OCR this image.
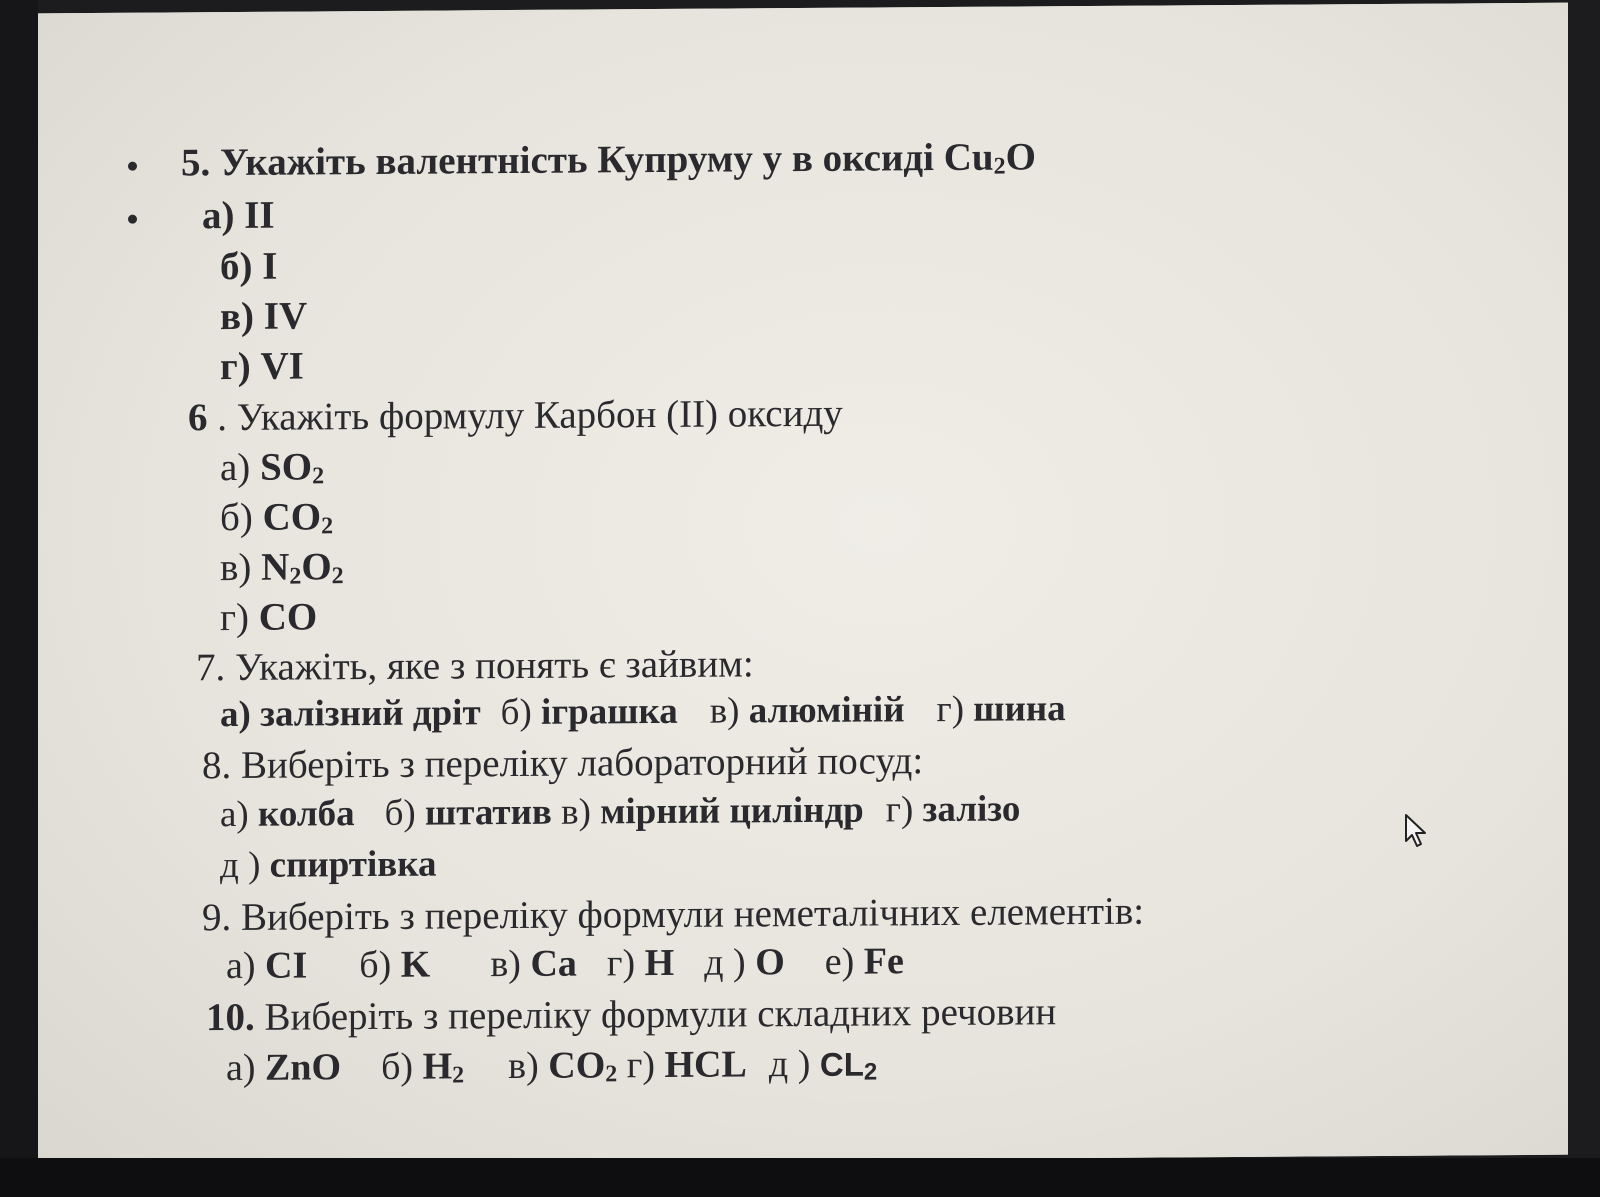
5. Укажіть валентність Купруму у в оксиді $Cu_2O$
а) II
б) I
в) IV
г) VI
6 . Укажіть формулу Карбон (II) оксиду
а) $SO_2$
б) $CO_2$
в) $N_2O_2$
г) CO
7. Укажіть, яке з понять є зайвим:
а) залізний дріт б) іграшка в) алюміній г) шина
8. Виберіть з переліку лабораторний посуд:
а) колба б) штатив в) мірний циліндр г) залізо
д ) спиртівка
9. Виберіть з переліку формули неметалічних елементів:
а) CI б) K в) Ca г) H д ) O е) Fe
10. Виберіть з переліку формули складних речовин
а) ZnO б) $H_2$ в) $CO_2$ г) HCL д ) $CL_2$
